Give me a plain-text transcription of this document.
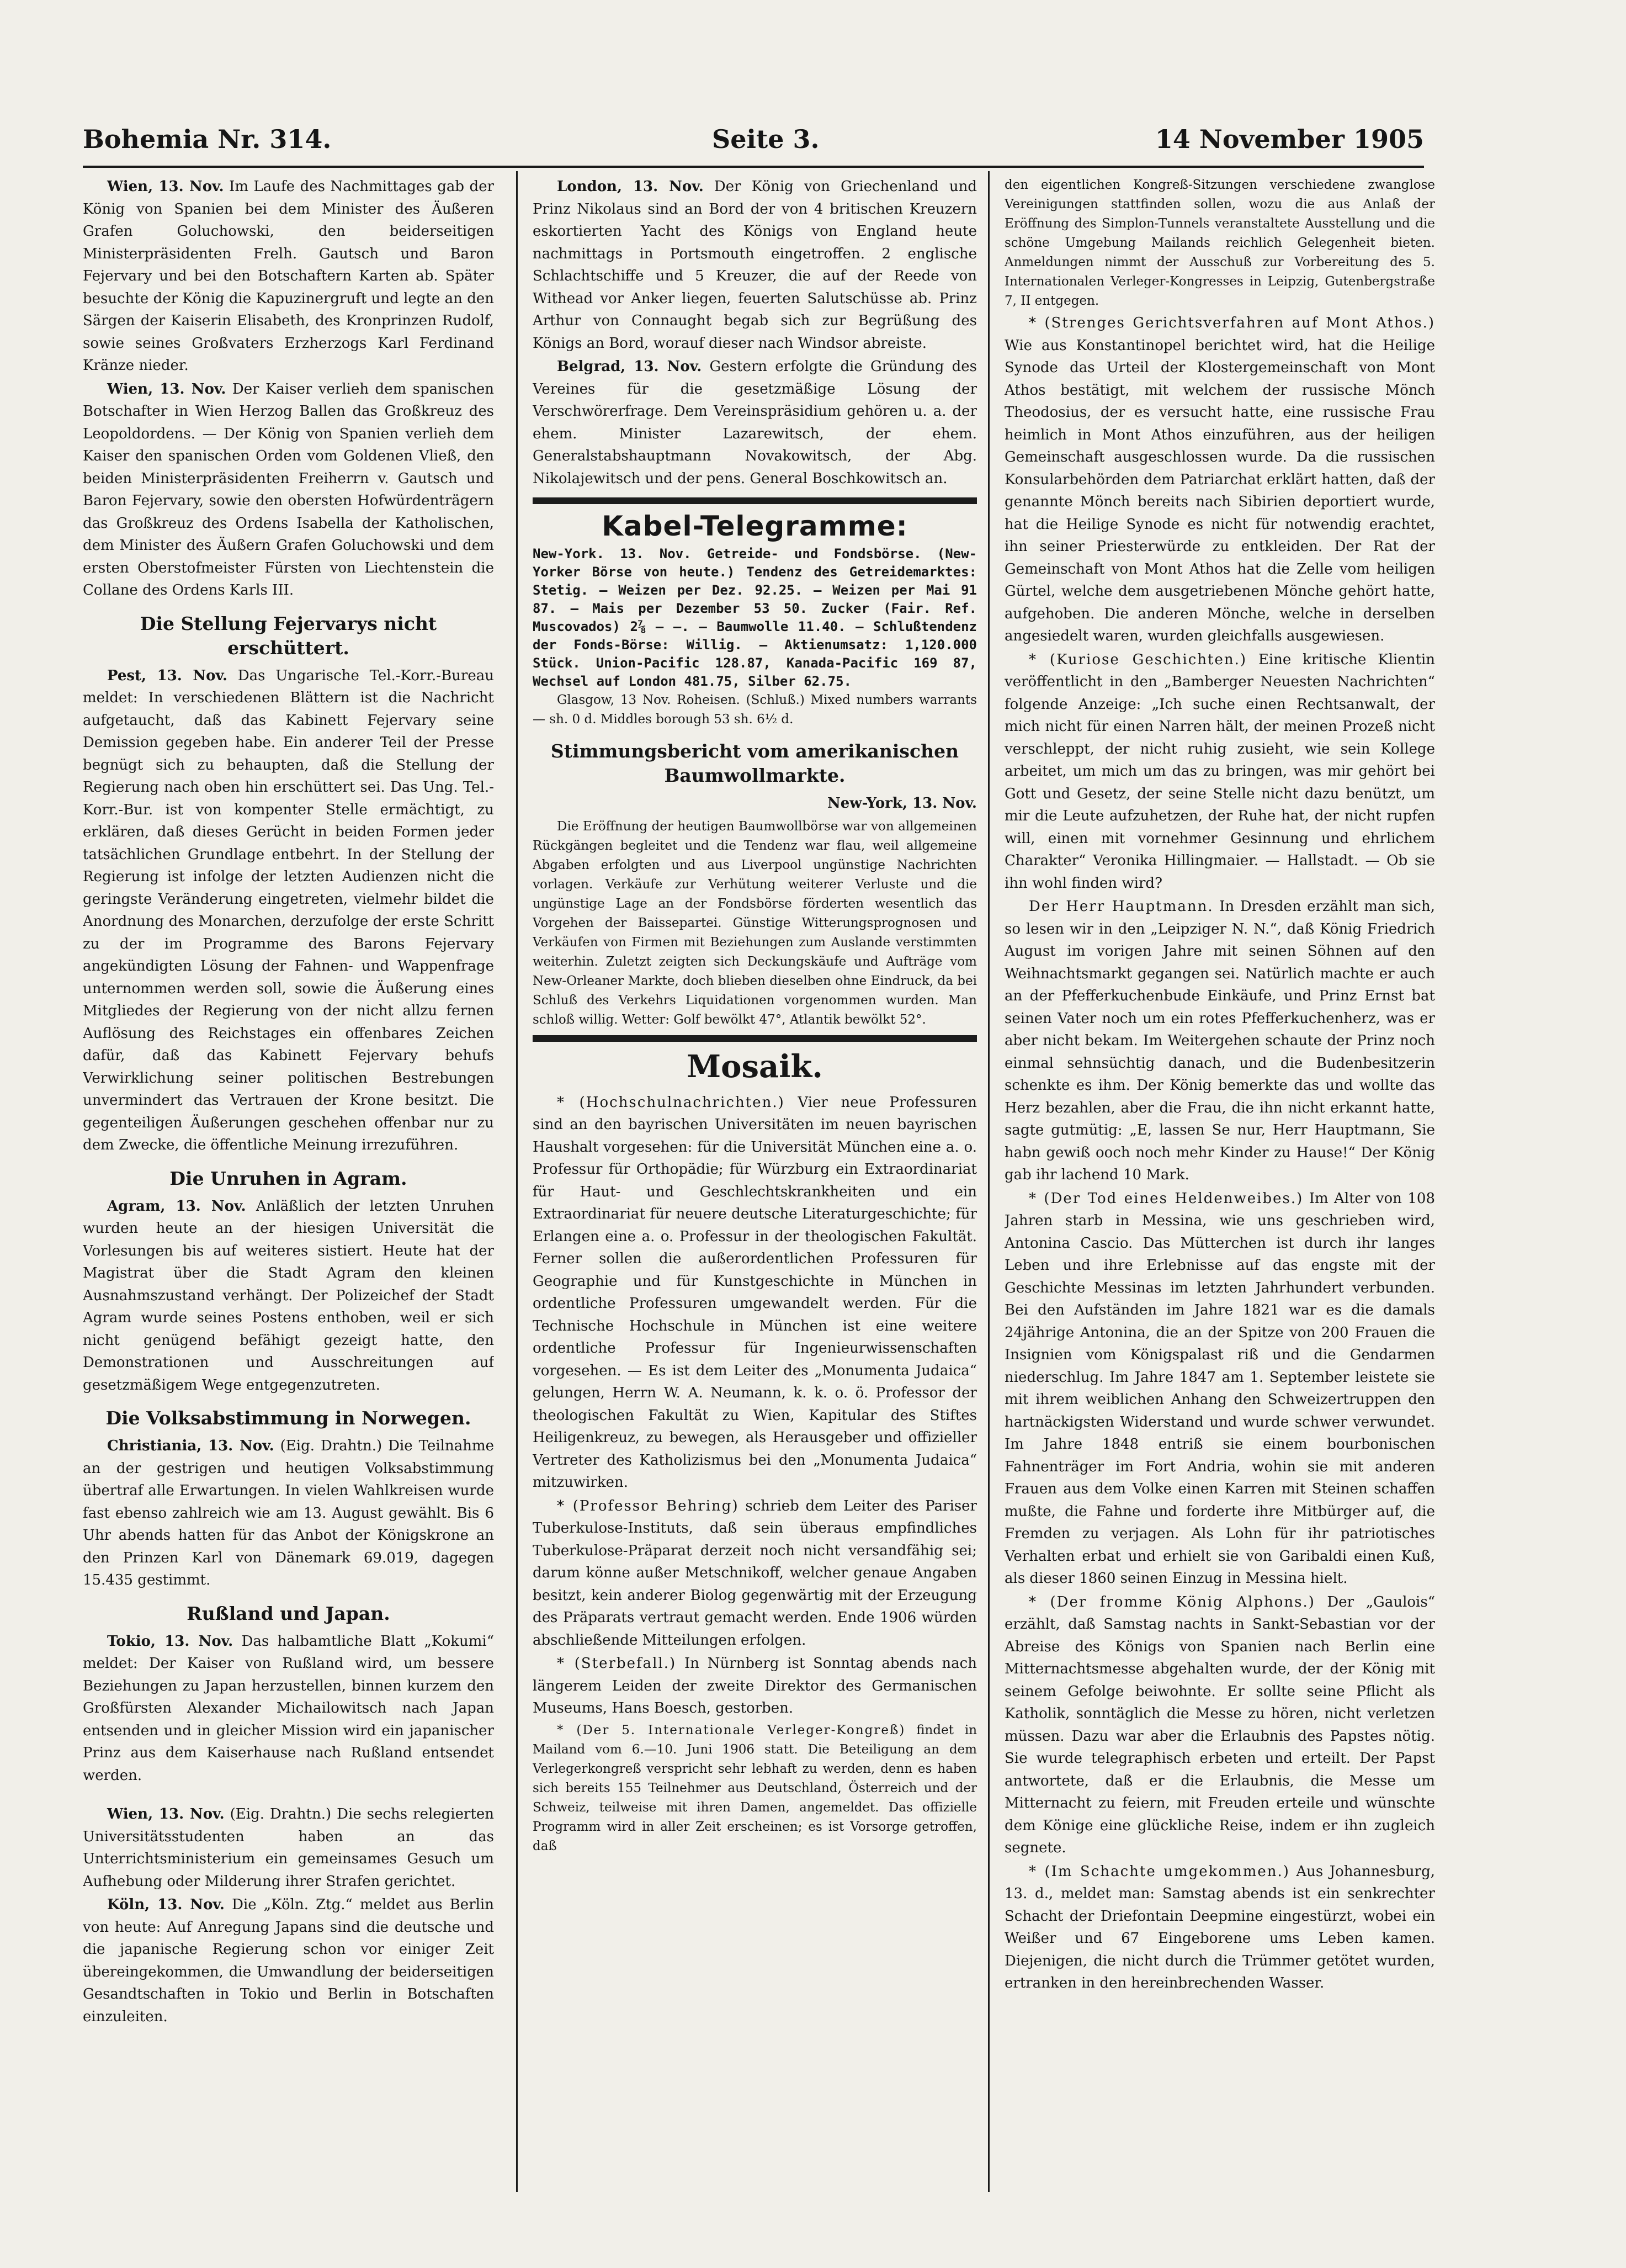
Bohemia Nr. 314.	Seite 3.	14 November 1905

Wien, 13. Nov. Im Laufe des Nachmittages gab der König von Spanien bei dem Minister des Äußeren Grafen Goluchowski, den beiderseitigen Ministerpräsidenten Frelh. Gautsch und Baron Fejervary und bei den Botschaftern Karten ab. Später besuchte der König die Kapuzinergruft und legte an den Särgen der Kaiserin Elisabeth, des Kronprinzen Rudolf, sowie seines Großvaters Erzherzogs Karl Ferdinand Kränze nieder.

Wien, 13. Nov. Der Kaiser verlieh dem spanischen Botschafter in Wien Herzog Ballen das Großkreuz des Leopoldordens. — Der König von Spanien verlieh dem Kaiser den spanischen Orden vom Goldenen Vließ, den beiden Ministerpräsidenten Freiherrn v. Gautsch und Baron Fejervary, sowie den obersten Hofwürdenträgern das Großkreuz des Ordens Isabella der Katholischen, dem Minister des Äußern Grafen Goluchowski und dem ersten Oberstofmeister Fürsten von Liechtenstein die Collane des Ordens Karls III.

Die Stellung Fejervarys nicht erschüttert.

Pest, 13. Nov. Das Ungarische Tel.-Korr.-Bureau meldet: In verschiedenen Blättern ist die Nachricht aufgetaucht, daß das Kabinett Fejervary seine Demission gegeben habe. Ein anderer Teil der Presse begnügt sich zu behaupten, daß die Stellung der Regierung nach oben hin erschüttert sei. Das Ung. Tel.-Korr.-Bur. ist von kompenter Stelle ermächtigt, zu erklären, daß dieses Gerücht in beiden Formen jeder tatsächlichen Grundlage entbehrt. In der Stellung der Regierung ist infolge der letzten Audienzen nicht die geringste Veränderung eingetreten, vielmehr bildet die Anordnung des Monarchen, derzufolge der erste Schritt zu der im Programme des Barons Fejervary angekündigten Lösung der Fahnen- und Wappenfrage unternommen werden soll, sowie die Äußerung eines Mitgliedes der Regierung von der nicht allzu fernen Auflösung des Reichstages ein offenbares Zeichen dafür, daß das Kabinett Fejervary behufs Verwirklichung seiner politischen Bestrebungen unvermindert das Vertrauen der Krone besitzt. Die gegenteiligen Äußerungen geschehen offenbar nur zu dem Zwecke, die öffentliche Meinung irrezuführen.

Die Unruhen in Agram.

Agram, 13. Nov. Anläßlich der letzten Unruhen wurden heute an der hiesigen Universität die Vorlesungen bis auf weiteres sistiert. Heute hat der Magistrat über die Stadt Agram den kleinen Ausnahmszustand verhängt. Der Polizeichef der Stadt Agram wurde seines Postens enthoben, weil er sich nicht genügend befähigt gezeigt hatte, den Demonstrationen und Ausschreitungen auf gesetzmäßigem Wege entgegenzutreten.

Die Volksabstimmung in Norwegen.

Christiania, 13. Nov. (Eig. Drahtn.) Die Teilnahme an der gestrigen und heutigen Volksabstimmung übertraf alle Erwartungen. In vielen Wahlkreisen wurde fast ebenso zahlreich wie am 13. August gewählt. Bis 6 Uhr abends hatten für das Anbot der Königskrone an den Prinzen Karl von Dänemark 69.019, dagegen 15.435 gestimmt.

Rußland und Japan.

Tokio, 13. Nov. Das halbamtliche Blatt „Kokumi“ meldet: Der Kaiser von Rußland wird, um bessere Beziehungen zu Japan herzustellen, binnen kurzem den Großfürsten Alexander Michailowitsch nach Japan entsenden und in gleicher Mission wird ein japanischer Prinz aus dem Kaiserhause nach Rußland entsendet werden.

Wien, 13. Nov. (Eig. Drahtn.) Die sechs relegierten Universitätsstudenten haben an das Unterrichtsministerium ein gemeinsames Gesuch um Aufhebung oder Milderung ihrer Strafen gerichtet.

Köln, 13. Nov. Die „Köln. Ztg.“ meldet aus Berlin von heute: Auf Anregung Japans sind die deutsche und die japanische Regierung schon vor einiger Zeit übereingekommen, die Umwandlung der beiderseitigen Gesandtschaften in Tokio und Berlin in Botschaften einzuleiten.

London, 13. Nov. Der König von Griechenland und Prinz Nikolaus sind an Bord der von 4 britischen Kreuzern eskortierten Yacht des Königs von England heute nachmittags in Portsmouth eingetroffen. 2 englische Schlachtschiffe und 5 Kreuzer, die auf der Reede von Withead vor Anker liegen, feuerten Salutschüsse ab. Prinz Arthur von Connaught begab sich zur Begrüßung des Königs an Bord, worauf dieser nach Windsor abreiste.

Belgrad, 13. Nov. Gestern erfolgte die Gründung des Vereines für die gesetzmäßige Lösung der Verschwörerfrage. Dem Vereinspräsidium gehören u. a. der ehem. Minister Lazarewitsch, der ehem. Generalstabshauptmann Novakowitsch, der Abg. Nikolajewitsch und der pens. General Boschkowitsch an.

Kabel-Telegramme:
New-York. 13. Nov. Getreide- und Fondsbörse. (New-Yorker Börse von heute.) Tendenz des Getreidemarktes: Stetig. — Weizen per Dez. 92.25. — Weizen per Mai 91 87. — Mais per Dezember 53 50. Zucker (Fair. Ref. Muscovados) 2⅞ — —. — Baumwolle 11.40. — Schlußtendenz der Fonds-Börse: Willig. — Aktienumsatz: 1,120.000 Stück. Union-Pacific 128.87, Kanada-Pacific 169 87, Wechsel auf London 481.75, Silber 62.75.

Glasgow, 13 Nov. Roheisen. (Schluß.) Mixed numbers warrants — sh. 0 d. Middles borough 53 sh. 6½ d.

Stimmungsbericht vom amerikanischen Baumwollmarkte.
New-York, 13. Nov.

Die Eröffnung der heutigen Baumwollbörse war von allgemeinen Rückgängen begleitet und die Tendenz war flau, weil allgemeine Abgaben erfolgten und aus Liverpool ungünstige Nachrichten vorlagen. Verkäufe zur Verhütung weiterer Verluste und die ungünstige Lage an der Fondsbörse förderten wesentlich das Vorgehen der Baissepartei. Günstige Witterungsprognosen und Verkäufen von Firmen mit Beziehungen zum Auslande verstimmten weiterhin. Zuletzt zeigten sich Deckungskäufe und Aufträge vom New-Orleaner Markte, doch blieben dieselben ohne Eindruck, da bei Schluß des Verkehrs Liquidationen vorgenommen wurden. Man schloß willig. Wetter: Golf bewölkt 47°, Atlantik bewölkt 52°.

Mosaik.

* (Hochschulnachrichten.) Vier neue Professuren sind an den bayrischen Universitäten im neuen bayrischen Haushalt vorgesehen: für die Universität München eine a. o. Professur für Orthopädie; für Würzburg ein Extraordinariat für Haut- und Geschlechtskrankheiten und ein Extraordinariat für neuere deutsche Literaturgeschichte; für Erlangen eine a. o. Professur in der theologischen Fakultät. Ferner sollen die außerordentlichen Professuren für Geographie und für Kunstgeschichte in München in ordentliche Professuren umgewandelt werden. Für die Technische Hochschule in München ist eine weitere ordentliche Professur für Ingenieurwissenschaften vorgesehen. — Es ist dem Leiter des „Monumenta Judaica“ gelungen, Herrn W. A. Neumann, k. k. o. ö. Professor der theologischen Fakultät zu Wien, Kapitular des Stiftes Heiligenkreuz, zu bewegen, als Herausgeber und offizieller Vertreter des Katholizismus bei den „Monumenta Judaica“ mitzuwirken.

* (Professor Behring) schrieb dem Leiter des Pariser Tuberkulose-Instituts, daß sein überaus empfindliches Tuberkulose-Präparat derzeit noch nicht versandfähig sei; darum könne außer Metschnikoff, welcher genaue Angaben besitzt, kein anderer Biolog gegenwärtig mit der Erzeugung des Präparats vertraut gemacht werden. Ende 1906 würden abschließende Mitteilungen erfolgen.

* (Sterbefall.) In Nürnberg ist Sonntag abends nach längerem Leiden der zweite Direktor des Germanischen Museums, Hans Boesch, gestorben.

* (Der 5. Internationale Verleger-Kongreß) findet in Mailand vom 6.—10. Juni 1906 statt. Die Beteiligung an dem Verlegerkongreß verspricht sehr lebhaft zu werden, denn es haben sich bereits 155 Teilnehmer aus Deutschland, Österreich und der Schweiz, teilweise mit ihren Damen, angemeldet. Das offizielle Programm wird in aller Zeit erscheinen; es ist Vorsorge getroffen, daß

den eigentlichen Kongreß-Sitzungen verschiedene zwanglose Vereinigungen stattfinden sollen, wozu die aus Anlaß der Eröffnung des Simplon-Tunnels veranstaltete Ausstellung und die schöne Umgebung Mailands reichlich Gelegenheit bieten. Anmeldungen nimmt der Ausschuß zur Vorbereitung des 5. Internationalen Verleger-Kongresses in Leipzig, Gutenbergstraße 7, II entgegen.

* (Strenges Gerichtsverfahren auf Mont Athos.) Wie aus Konstantinopel berichtet wird, hat die Heilige Synode das Urteil der Klostergemeinschaft von Mont Athos bestätigt, mit welchem der russische Mönch Theodosius, der es versucht hatte, eine russische Frau heimlich in Mont Athos einzuführen, aus der heiligen Gemeinschaft ausgeschlossen wurde. Da die russischen Konsularbehörden dem Patriarchat erklärt hatten, daß der genannte Mönch bereits nach Sibirien deportiert wurde, hat die Heilige Synode es nicht für notwendig erachtet, ihn seiner Priesterwürde zu entkleiden. Der Rat der Gemeinschaft von Mont Athos hat die Zelle vom heiligen Gürtel, welche dem ausgetriebenen Mönche gehört hatte, aufgehoben. Die anderen Mönche, welche in derselben angesiedelt waren, wurden gleichfalls ausgewiesen.

* (Kuriose Geschichten.) Eine kritische Klientin veröffentlicht in den „Bamberger Neuesten Nachrichten“ folgende Anzeige: „Ich suche einen Rechtsanwalt, der mich nicht für einen Narren hält, der meinen Prozeß nicht verschleppt, der nicht ruhig zusieht, wie sein Kollege arbeitet, um mich um das zu bringen, was mir gehört bei Gott und Gesetz, der seine Stelle nicht dazu benützt, um mir die Leute aufzuhetzen, der Ruhe hat, der nicht rupfen will, einen mit vornehmer Gesinnung und ehrlichem Charakter“ Veronika Hillingmaier. — Hallstadt. — Ob sie ihn wohl finden wird?

Der Herr Hauptmann. In Dresden erzählt man sich, so lesen wir in den „Leipziger N. N.“, daß König Friedrich August im vorigen Jahre mit seinen Söhnen auf den Weihnachtsmarkt gegangen sei. Natürlich machte er auch an der Pfefferkuchenbude Einkäufe, und Prinz Ernst bat seinen Vater noch um ein rotes Pfefferkuchenherz, was er aber nicht bekam. Im Weitergehen schaute der Prinz noch einmal sehnsüchtig danach, und die Budenbesitzerin schenkte es ihm. Der König bemerkte das und wollte das Herz bezahlen, aber die Frau, die ihn nicht erkannt hatte, sagte gutmütig: „E, lassen Se nur, Herr Hauptmann, Sie habn gewiß ooch noch mehr Kinder zu Hause!“ Der König gab ihr lachend 10 Mark.

* (Der Tod eines Heldenweibes.) Im Alter von 108 Jahren starb in Messina, wie uns geschrieben wird, Antonina Cascio. Das Mütterchen ist durch ihr langes Leben und ihre Erlebnisse auf das engste mit der Geschichte Messinas im letzten Jahrhundert verbunden. Bei den Aufständen im Jahre 1821 war es die damals 24jährige Antonina, die an der Spitze von 200 Frauen die Insignien vom Königspalast riß und die Gendarmen niederschlug. Im Jahre 1847 am 1. September leistete sie mit ihrem weiblichen Anhang den Schweizertruppen den hartnäckigsten Widerstand und wurde schwer verwundet. Im Jahre 1848 entriß sie einem bourbonischen Fahnenträger im Fort Andria, wohin sie mit anderen Frauen aus dem Volke einen Karren mit Steinen schaffen mußte, die Fahne und forderte ihre Mitbürger auf, die Fremden zu verjagen. Als Lohn für ihr patriotisches Verhalten erbat und erhielt sie von Garibaldi einen Kuß, als dieser 1860 seinen Einzug in Messina hielt.

* (Der fromme König Alphons.) Der „Gaulois“ erzählt, daß Samstag nachts in Sankt-Sebastian vor der Abreise des Königs von Spanien nach Berlin eine Mitternachtsmesse abgehalten wurde, der der König mit seinem Gefolge beiwohnte. Er sollte seine Pflicht als Katholik, sonntäglich die Messe zu hören, nicht verletzen müssen. Dazu war aber die Erlaubnis des Papstes nötig. Sie wurde telegraphisch erbeten und erteilt. Der Papst antwortete, daß er die Erlaubnis, die Messe um Mitternacht zu feiern, mit Freuden erteile und wünschte dem Könige eine glückliche Reise, indem er ihn zugleich segnete.

* (Im Schachte umgekommen.) Aus Johannesburg, 13. d., meldet man: Samstag abends ist ein senkrechter Schacht der Driefontain Deepmine eingestürzt, wobei ein Weißer und 67 Eingeborene ums Leben kamen. Diejenigen, die nicht durch die Trümmer getötet wurden, ertranken in den hereinbrechenden Wasser.
